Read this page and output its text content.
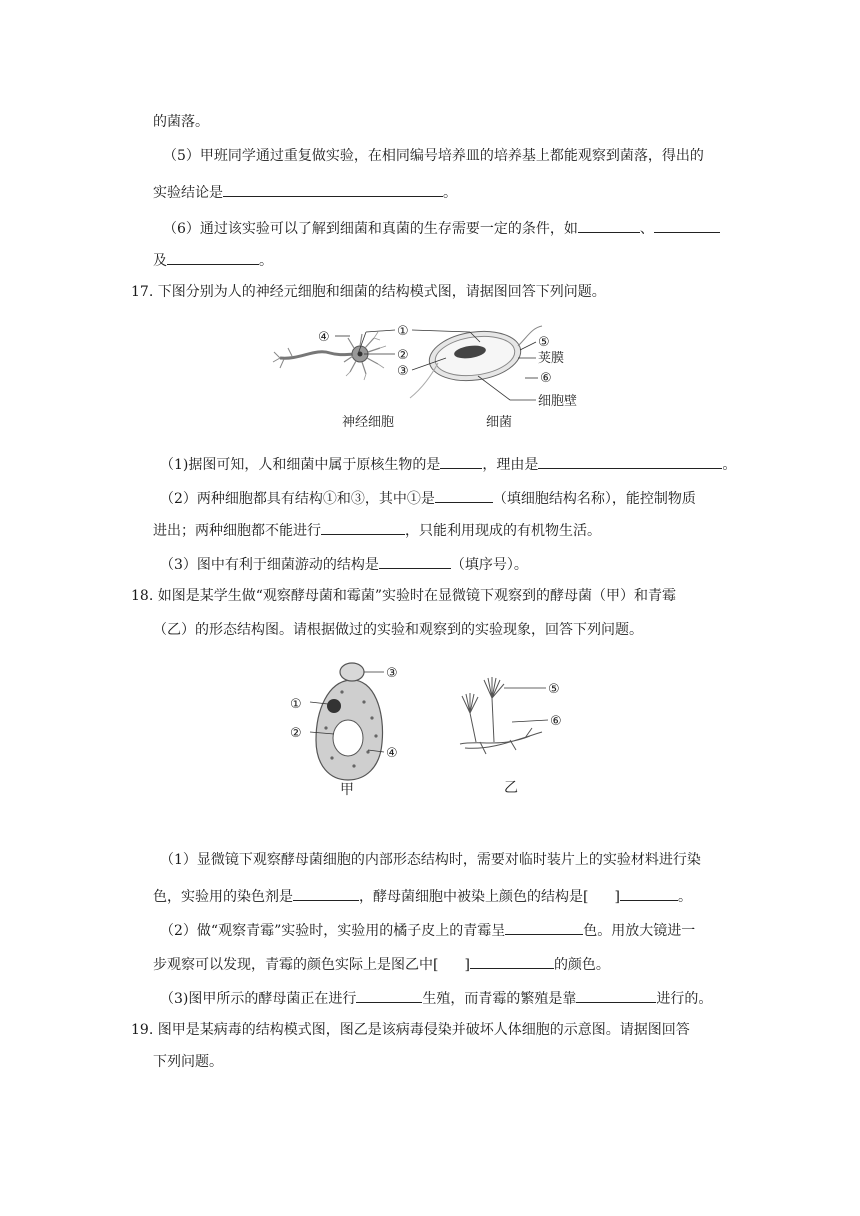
的菌落。
（5）甲班同学通过重复做实验，在相同编号培养皿的培养基上都能观察到菌落，得出的
实验结论是	。
（6）通过该实验可以了解到细菌和真菌的生存需要一定的条件，如	、
及	。
17. 下图分别为人的神经元细胞和细菌的结构模式图，请据图回答下列问题。
④	①
②
③
⑤
荚膜
⑥
细胞壁
神经细胞	细菌
（1)据图可知，人和细菌中属于原核生物的是	，理由是	。
（2）两种细胞都具有结构①和③，其中①是	（填细胞结构名称），能控制物质
进出；两种细胞都不能进行	，只能利用现成的有机物生活。
（3）图中有利于细菌游动的结构是	（填序号）。
18. 如图是某学生做“观察酵母菌和霉菌”实验时在显微镜下观察到的酵母菌（甲）和青霉
（乙）的形态结构图。请根据做过的实验和观察到的实验现象，回答下列问题。
③
①
②
④
甲
⑤
⑥
乙
（1）显微镜下观察酵母菌细胞的内部形态结构时，需要对临时装片上的实验材料进行染
色，实验用的染色剂是	，酵母菌细胞中被染上颜色的结构是[ ]	。
（2）做“观察青霉”实验时，实验用的橘子皮上的青霉呈	色。用放大镜进一
步观察可以发现，青霉的颜色实际上是图乙中[ ]	的颜色。
（3)图甲所示的酵母菌正在进行	生殖，而青霉的繁殖是靠	进行的。
19. 图甲是某病毒的结构模式图，图乙是该病毒侵染并破坏人体细胞的示意图。请据图回答
下列问题。
